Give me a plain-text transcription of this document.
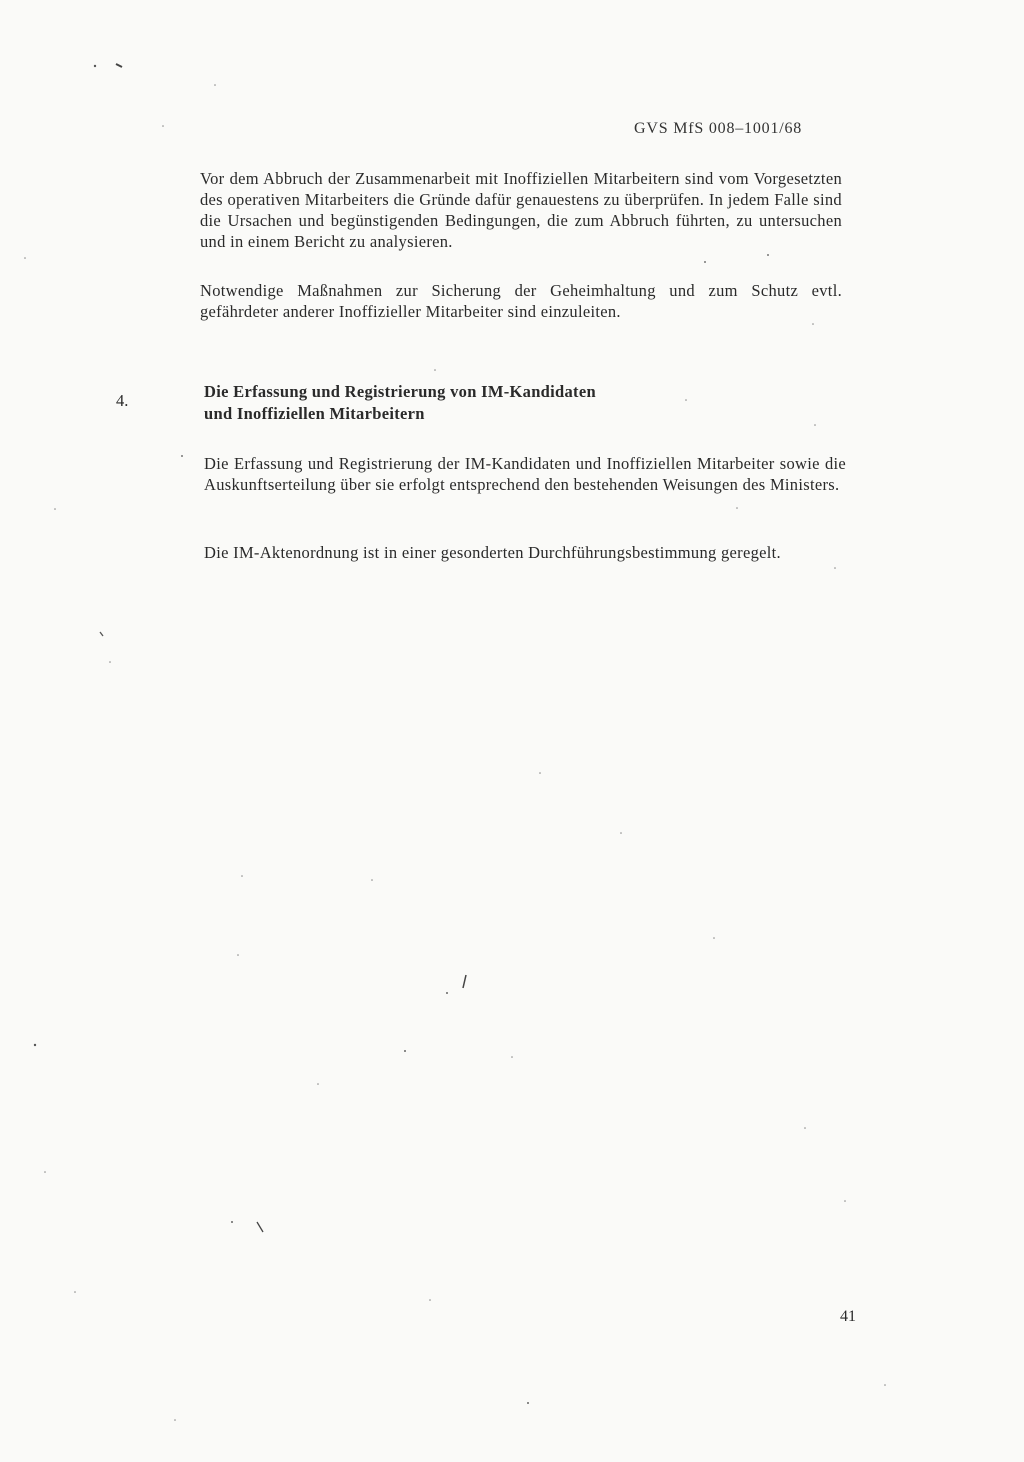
GVS MfS 008–1001/68

Vor dem Abbruch der Zusammenarbeit mit Inoffiziellen Mitarbeitern sind vom Vorgesetzten des operativen Mitarbeiters die Gründe dafür genauestens zu überprüfen. In jedem Falle sind die Ursachen und begünstigenden Bedingungen, die zum Abbruch führten, zu untersuchen und in einem Bericht zu analysieren.

Notwendige Maßnahmen zur Sicherung der Geheimhaltung und zum Schutz evtl. gefährdeter anderer Inoffizieller Mitarbeiter sind einzuleiten.

4.	Die Erfassung und Registrierung von IM-Kandidaten
und Inoffiziellen Mitarbeitern

Die Erfassung und Registrierung der IM-Kandidaten und Inoffiziellen Mitarbeiter sowie die Auskunftserteilung über sie erfolgt entsprechend den bestehenden Weisungen des Ministers.

Die IM-Aktenordnung ist in einer gesonderten Durchführungsbestimmung geregelt.

41
